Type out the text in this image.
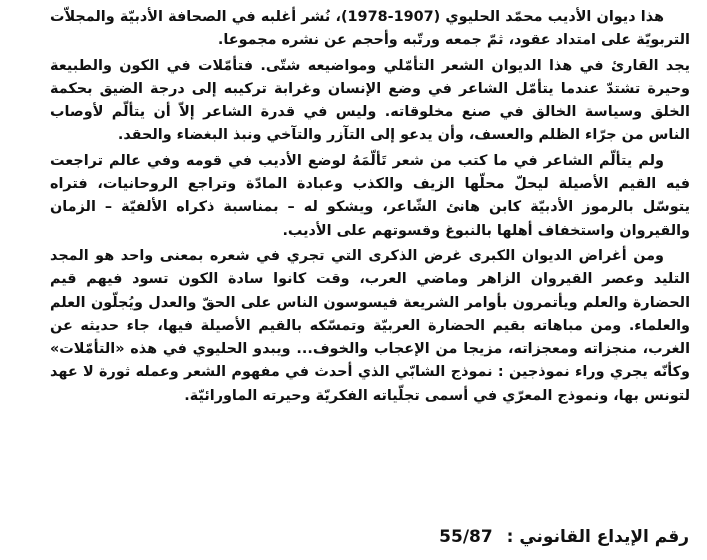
هذا ديوان الأديب محمّد الحليوي (1907-1978)، نُشر أغلبه في الصحافة الأدبيّة والمجلاّت التربويّة على امتداد عقود، ثمّ جمعه ورتّبه وأحجم عن نشره مجموعا.

يجد القارئ في هذا الديوان الشعر التأمّلي ومواضيعه شتّى. فتأمّلات في الكون والطبيعة وحيرة تشتدّ عندما يتأمّل الشاعر في وضع الإنسان وغرابة تركيبه إلى درجة الضيق بحكمة الخلق وسياسة الخالق في صنع مخلوقاته. وليس في قدرة الشاعر إلاّ أن يتألّم لأوصاب الناس من جرّاء الظلم والعسف، وأن يدعو إلى التآزر والتآخي ونبذ البغضاء والحقد.

ولم يتألّم الشاعر في ما كتب من شعر تَألّمَهُ لوضع الأديب في قومه وفي عالم تراجعت فيه القيم الأصيلة ليحلّ محلّها الزيف والكذب وعبادة المادّة وتراجع الروحانيات، فتراه يتوسّل بالرموز الأدبيّة كابن هانئ الشّاعر، ويشكو له – بمناسبة ذكراه الألفيّة – الزمان والقيروان واستخفاف أهلها بالنبوغ وقسوتهم على الأديب.

ومن أغراض الديوان الكبرى غرض الذكرى التي تجري في شعره بمعنى واحد هو المجد التليد وعصر القيروان الزاهر وماضي العرب، وقت كانوا سادة الكون تسود فيهم قيم الحضارة والعلم ويأتمرون بأوامر الشريعة فيسوسون الناس على الحقّ والعدل ويُجلّون العلم والعلماء. ومن مباهاته بقيم الحضارة العربيّة وتمسّكه بالقيم الأصيلة فيها، جاء حديثه عن الغرب، منجزاته ومعجزاته، مزيجا من الإعجاب والخوف... ويبدو الحليوي في هذه «التأمّلات» وكأنّه يجري وراء نموذجين : نموذج الشابّي الذي أحدث في مفهوم الشعر وعمله ثورة لا عهد لتونس بها، ونموذج المعرّي في أسمى تجلّياته الفكريّة وحيرته الماورائيّة.

رقم الإيداع القانوني : 55/87
